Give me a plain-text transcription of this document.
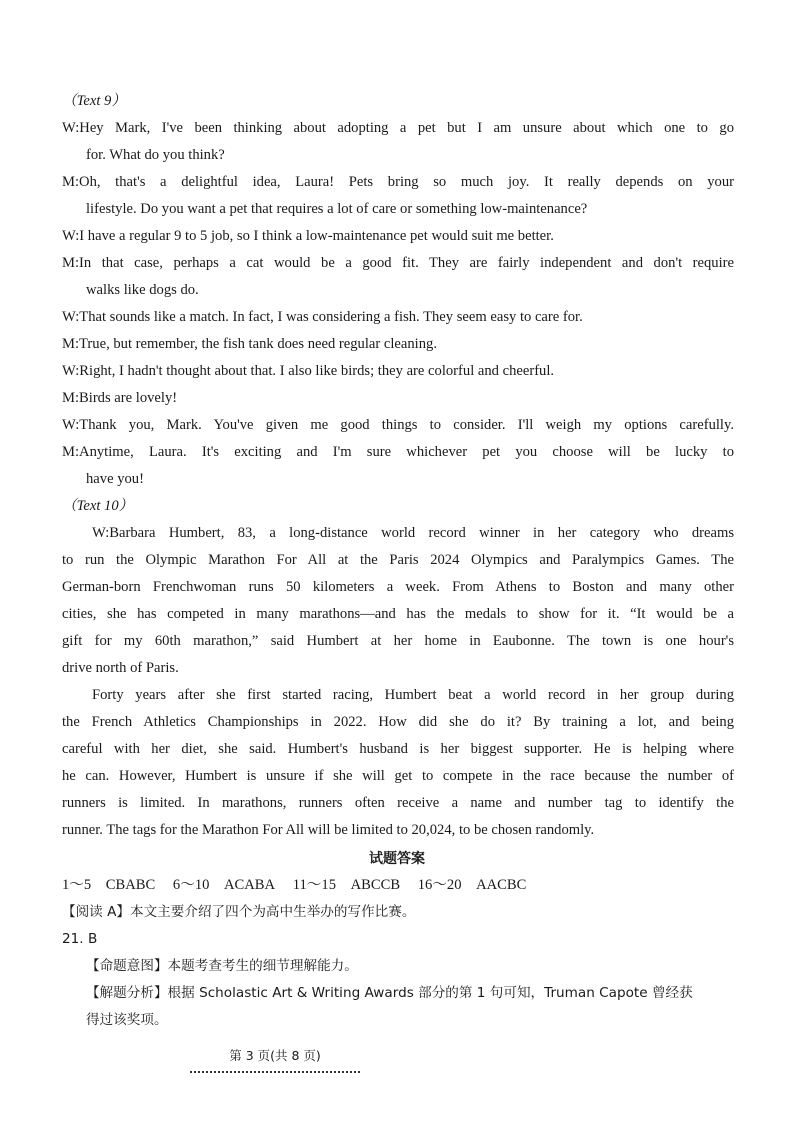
（Text 9）
W:Hey Mark, I've been thinking about adopting a pet but I am unsure about which one to go
for. What do you think?
M:Oh, that's a delightful idea, Laura! Pets bring so much joy. It really depends on your
lifestyle. Do you want a pet that requires a lot of care or something low-maintenance?
W:I have a regular 9 to 5 job, so I think a low-maintenance pet would suit me better.
M:In that case, perhaps a cat would be a good fit. They are fairly independent and don't require
walks like dogs do.
W:That sounds like a match. In fact, I was considering a fish. They seem easy to care for.
M:True, but remember, the fish tank does need regular cleaning.
W:Right, I hadn't thought about that. I also like birds; they are colorful and cheerful.
M:Birds are lovely!
W:Thank you, Mark. You've given me good things to consider. I'll weigh my options carefully.
M:Anytime, Laura. It's exciting and I'm sure whichever pet you choose will be lucky to
have you!
（Text 10）
W:Barbara Humbert, 83, a long-distance world record winner in her category who dreams
to run the Olympic Marathon For All at the Paris 2024 Olympics and Paralympics Games. The
German-born Frenchwoman runs 50 kilometers a week. From Athens to Boston and many other
cities, she has competed in many marathons—and has the medals to show for it. “It would be a
gift for my 60th marathon,” said Humbert at her home in Eaubonne. The town is one hour's
drive north of Paris.
Forty years after she first started racing, Humbert beat a world record in her group during
the French Athletics Championships in 2022. How did she do it? By training a lot, and being
careful with her diet, she said. Humbert's husband is her biggest supporter. He is helping where
he can. However, Humbert is unsure if she will get to compete in the race because the number of
runners is limited. In marathons, runners often receive a name and number tag to identify the
runner. The tags for the Marathon For All will be limited to 20,024, to be chosen randomly.
试题答案
1～5　CBABC 6～10　ACABA 11～15　ABCCB 16～20　AACBC
【阅读 A】本文主要介绍了四个为高中生举办的写作比赛。
21. B
【命题意图】本题考查考生的细节理解能力。
【解题分析】根据 Scholastic Art & Writing Awards 部分的第 1 句可知，Truman Capote 曾经获
得过该奖项。
第 3 页(共 8 页)
